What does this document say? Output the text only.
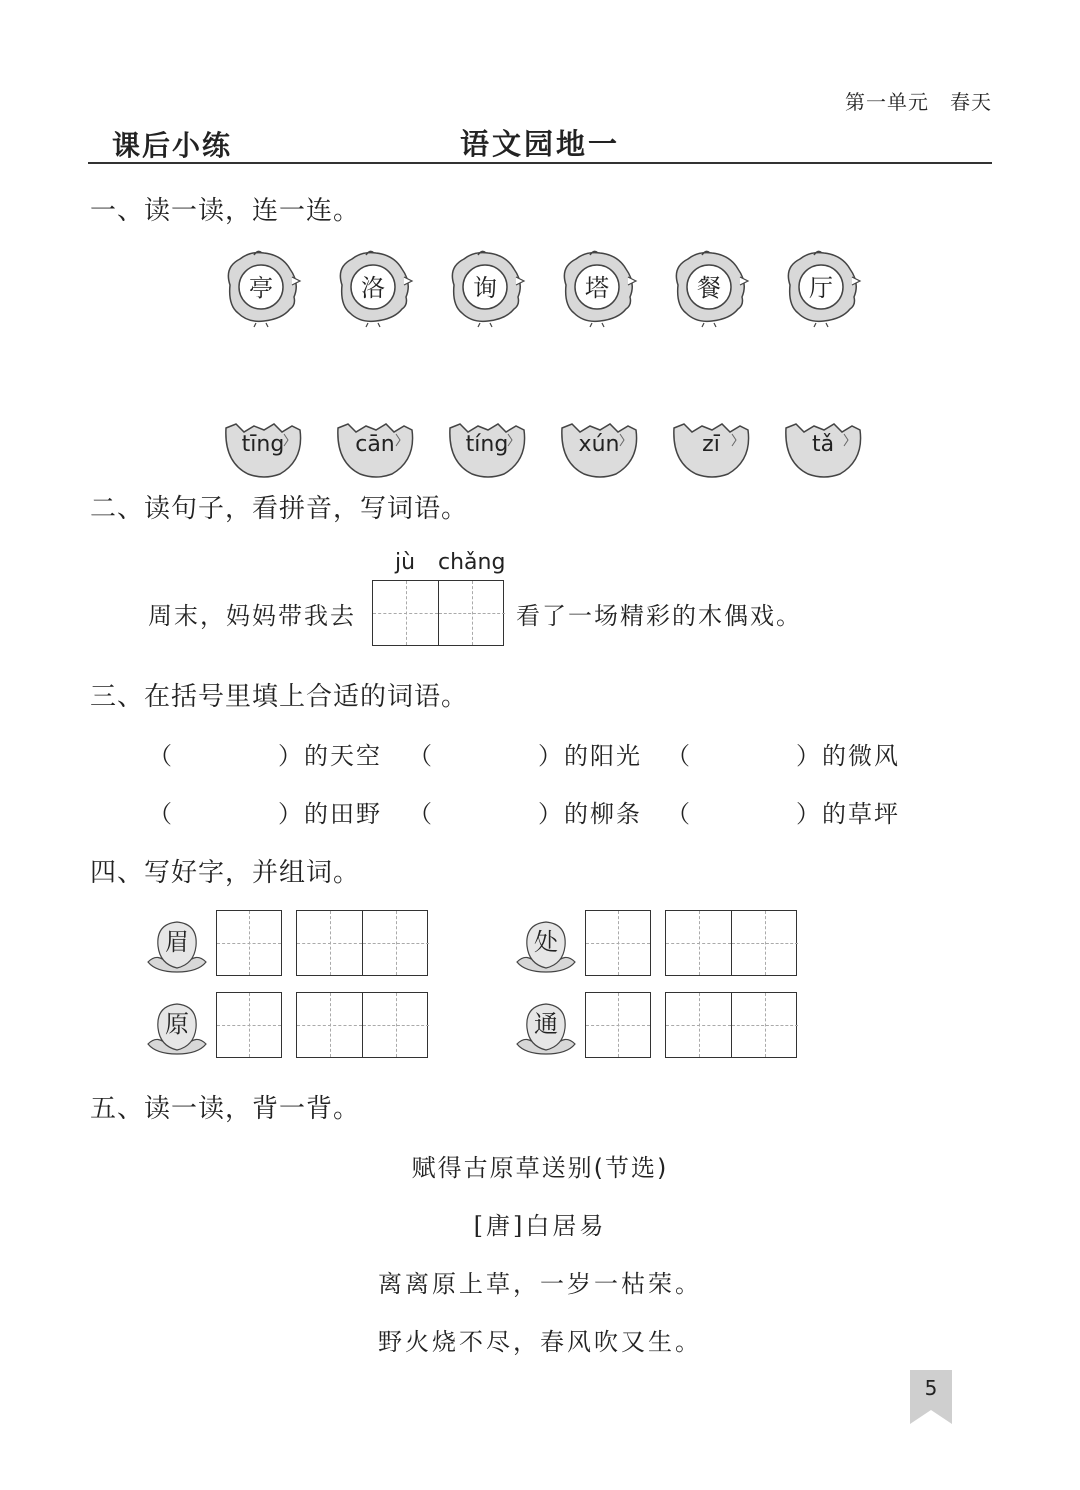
第一单元　春天
课后小练	语文园地一
一、读一读，连一连。
亭	洛	询	塔	餐	厅
tīng	cān	tíng	xún	zī	tǎ
二、读句子，看拼音，写词语。
jù	chǎng
周末，妈妈带我去	看了一场精彩的木偶戏。
三、在括号里填上合适的词语。
（　　　　）的天空 （　　　　）的阳光 （　　　　）的微风
（　　　　）的田野 （　　　　）的柳条 （　　　　）的草坪
四、写好字，并组词。
眉	处
原	通
五、读一读，背一背。
赋得古原草送别(节选)
[唐]白居易
离离原上草，一岁一枯荣。
野火烧不尽，春风吹又生。
5
